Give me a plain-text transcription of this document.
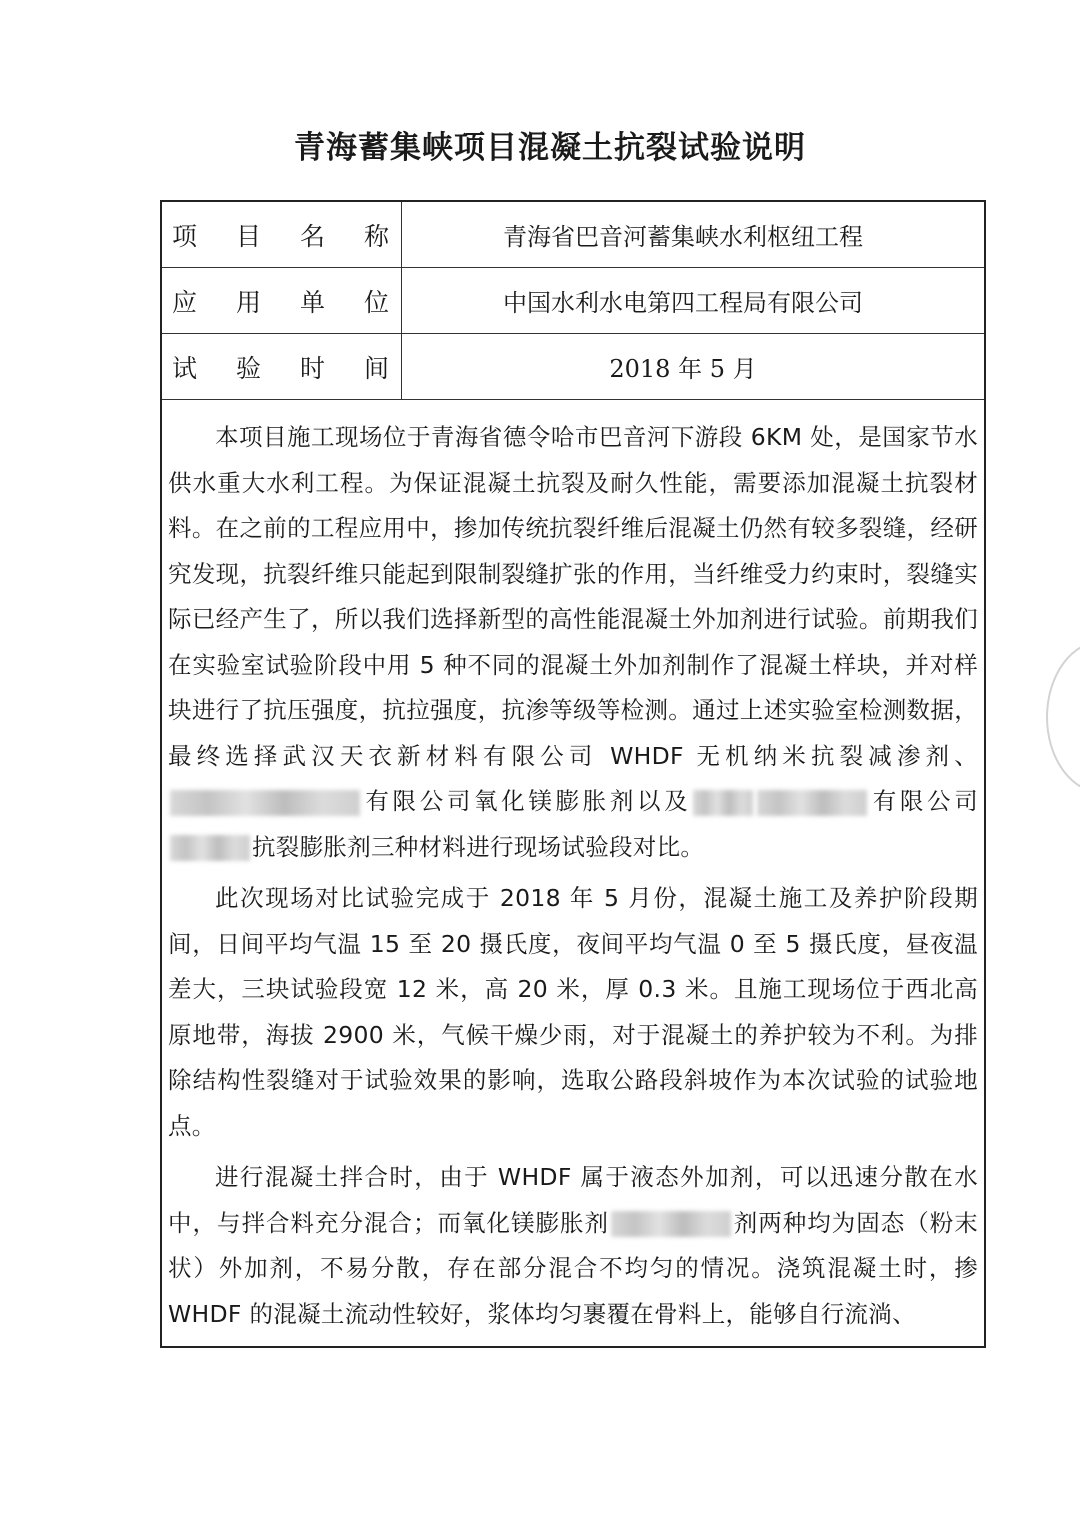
青海蓄集峡项目混凝土抗裂试验说明
项 目 名 称	青海省巴音河蓄集峡水利枢纽工程
应 用 单 位	中国水利水电第四工程局有限公司
试 验 时 间	2018 年 5 月

本项目施工现场位于青海省德令哈市巴音河下游段 6KM 处，是国家节水供水重大水利工程。为保证混凝土抗裂及耐久性能，需要添加混凝土抗裂材料。在之前的工程应用中，掺加传统抗裂纤维后混凝土仍然有较多裂缝，经研究发现，抗裂纤维只能起到限制裂缝扩张的作用，当纤维受力约束时，裂缝实际已经产生了，所以我们选择新型的高性能混凝土外加剂进行试验。前期我们在实验室试验阶段中用 5 种不同的混凝土外加剂制作了混凝土样块，并对样块进行了抗压强度，抗拉强度，抗渗等级等检测。通过上述实验室检测数据，最终选择武汉天衣新材料有限公司 WHDF 无机纳米抗裂减渗剂、有限公司氧化镁膨胀剂以及	有限公司抗裂膨胀剂三种材料进行现场试验段对比。

此次现场对比试验完成于 2018 年 5 月份，混凝土施工及养护阶段期间，日间平均气温 15 至 20 摄氏度，夜间平均气温 0 至 5 摄氏度，昼夜温差大，三块试验段宽 12 米，高 20 米，厚 0.3 米。且施工现场位于西北高原地带，海拔 2900 米，气候干燥少雨，对于混凝土的养护较为不利。为排除结构性裂缝对于试验效果的影响，选取公路段斜坡作为本次试验的试验地点。

进行混凝土拌合时，由于 WHDF 属于液态外加剂，可以迅速分散在水中，与拌合料充分混合；而氧化镁膨胀剂	剂两种均为固态（粉末状）外加剂，不易分散，存在部分混合不均匀的情况。浇筑混凝土时，掺 WHDF 的混凝土流动性较好，浆体均匀裹覆在骨料上，能够自行流淌、
